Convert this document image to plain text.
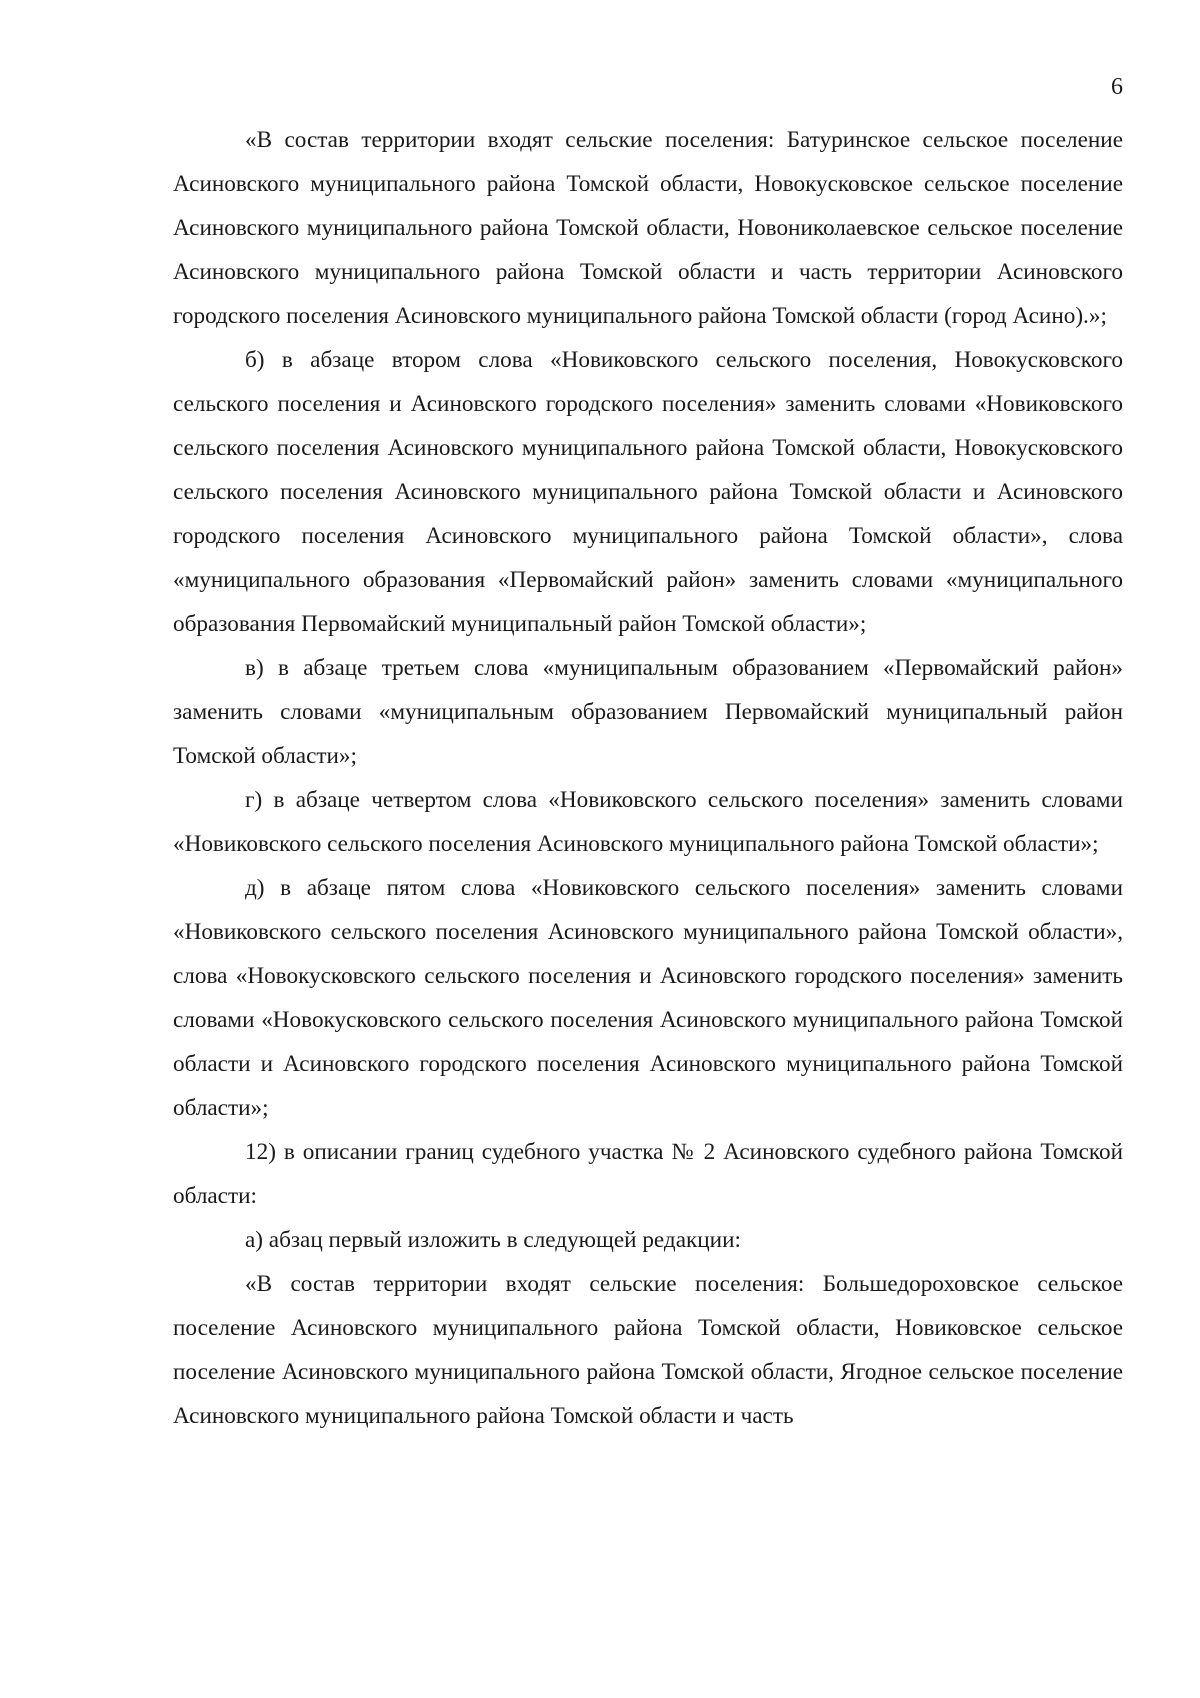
6

«В состав территории входят сельские поселения: Батуринское сельское поселение Асиновского муниципального района Томской области, Новокусковское сельское поселение Асиновского муниципального района Томской области, Новониколаевское сельское поселение Асиновского муниципального района Томской области и часть территории Асиновского городского поселения Асиновского муниципального района Томской области (город Асино).»;

б) в абзаце втором слова «Новиковского сельского поселения, Новокусковского сельского поселения и Асиновского городского поселения» заменить словами «Новиковского сельского поселения Асиновского муниципального района Томской области, Новокусковского сельского поселения Асиновского муниципального района Томской области и Асиновского городского поселения Асиновского муниципального района Томской области», слова «муниципального образования «Первомайский район» заменить словами «муниципального образования Первомайский муниципальный район Томской области»;

в) в абзаце третьем слова «муниципальным образованием «Первомайский район» заменить словами «муниципальным образованием Первомайский муниципальный район Томской области»;

г) в абзаце четвертом слова «Новиковского сельского поселения» заменить словами «Новиковского сельского поселения Асиновского муниципального района Томской области»;

д) в абзаце пятом слова «Новиковского сельского поселения» заменить словами «Новиковского сельского поселения Асиновского муниципального района Томской области», слова «Новокусковского сельского поселения и Асиновского городского поселения» заменить словами «Новокусковского сельского поселения Асиновского муниципального района Томской области и Асиновского городского поселения Асиновского муниципального района Томской области»;

12) в описании границ судебного участка № 2 Асиновского судебного района Томской области:

а) абзац первый изложить в следующей редакции:

«В состав территории входят сельские поселения: Большедороховское сельское поселение Асиновского муниципального района Томской области, Новиковское сельское поселение Асиновского муниципального района Томской области, Ягодное сельское поселение Асиновского муниципального района Томской области и часть
